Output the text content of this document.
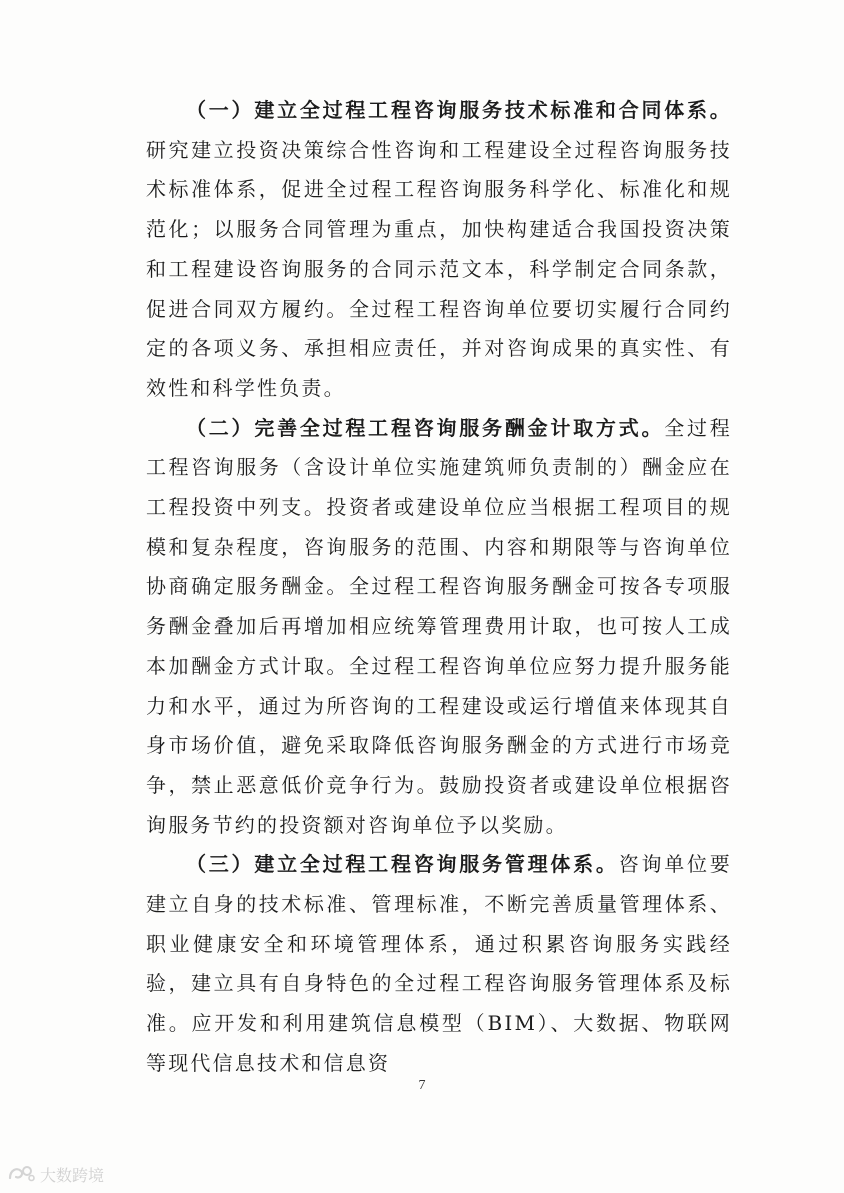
（一）建立全过程工程咨询服务技术标准和合同体系。研究建立投资决策综合性咨询和工程建设全过程咨询服务技术标准体系，促进全过程工程咨询服务科学化、标准化和规范化；以服务合同管理为重点，加快构建适合我国投资决策和工程建设咨询服务的合同示范文本，科学制定合同条款，促进合同双方履约。全过程工程咨询单位要切实履行合同约定的各项义务、承担相应责任，并对咨询成果的真实性、有效性和科学性负责。

（二）完善全过程工程咨询服务酬金计取方式。全过程工程咨询服务（含设计单位实施建筑师负责制的）酬金应在工程投资中列支。投资者或建设单位应当根据工程项目的规模和复杂程度，咨询服务的范围、内容和期限等与咨询单位协商确定服务酬金。全过程工程咨询服务酬金可按各专项服务酬金叠加后再增加相应统筹管理费用计取，也可按人工成本加酬金方式计取。全过程工程咨询单位应努力提升服务能力和水平，通过为所咨询的工程建设或运行增值来体现其自身市场价值，避免采取降低咨询服务酬金的方式进行市场竞争，禁止恶意低价竞争行为。鼓励投资者或建设单位根据咨询服务节约的投资额对咨询单位予以奖励。

（三）建立全过程工程咨询服务管理体系。咨询单位要建立自身的技术标准、管理标准，不断完善质量管理体系、职业健康安全和环境管理体系，通过积累咨询服务实践经验，建立具有自身特色的全过程工程咨询服务管理体系及标准。应开发和利用建筑信息模型（BIM）、大数据、物联网等现代信息技术和信息资

7
大数跨境
